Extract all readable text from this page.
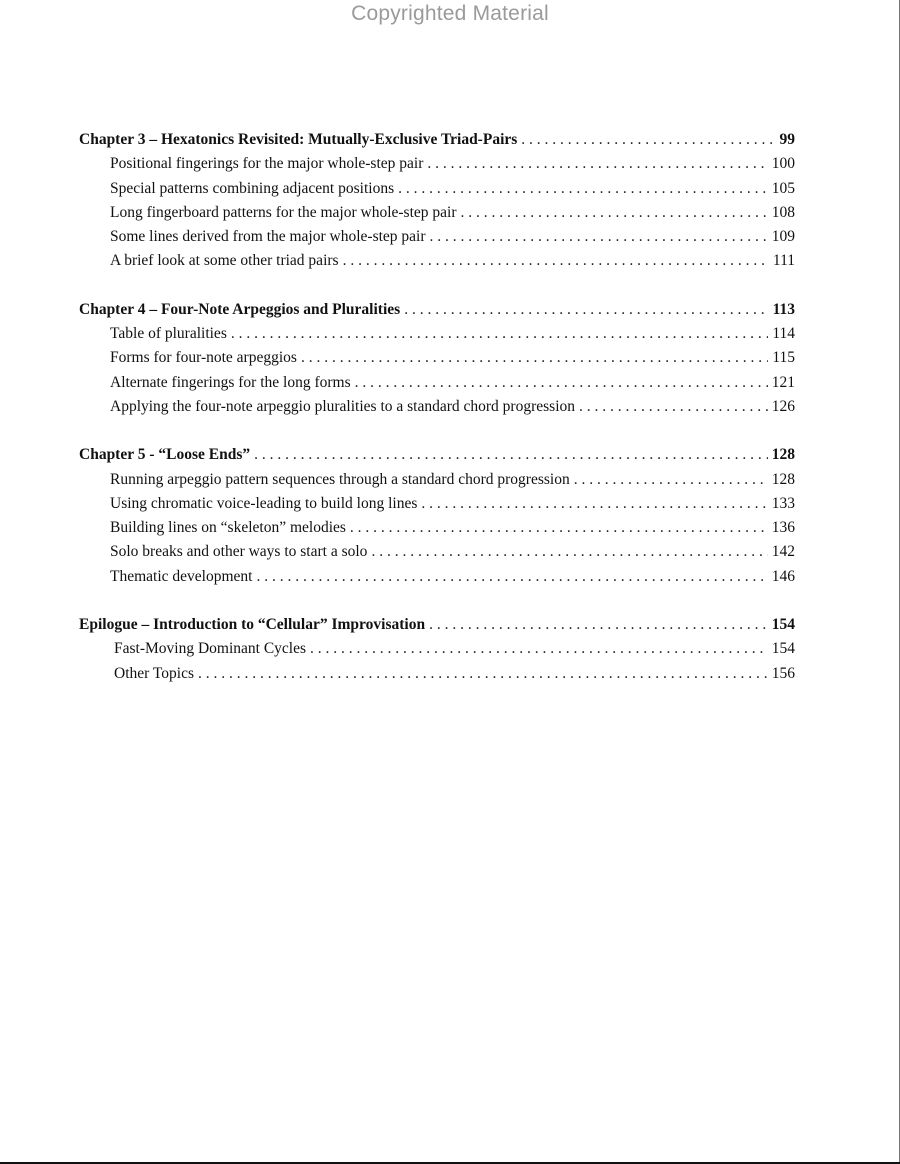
Copyrighted Material
Chapter 3 – Hexatonics Revisited: Mutually-Exclusive Triad-Pairs . . .	99
Positional fingerings for the major whole-step pair . . .	100
Special patterns combining adjacent positions . . .	105
Long fingerboard patterns for the major whole-step pair . . .	108
Some lines derived from the major whole-step pair . . .	109
A brief look at some other triad pairs . . .	111
Chapter 4 – Four-Note Arpeggios and Pluralities . . .	113
Table of pluralities . . .	114
Forms for four-note arpeggios . . .	115
Alternate fingerings for the long forms . . .	121
Applying the four-note arpeggio pluralities to a standard chord progression . . .	126
Chapter 5 - “Loose Ends” . . .	128
Running arpeggio pattern sequences through a standard chord progression . . .	128
Using chromatic voice-leading to build long lines . . .	133
Building lines on “skeleton” melodies . . .	136
Solo breaks and other ways to start a solo . . .	142
Thematic development . . .	146
Epilogue – Introduction to “Cellular” Improvisation . . .	154
Fast-Moving Dominant Cycles . . .	154
Other Topics . . .	156
